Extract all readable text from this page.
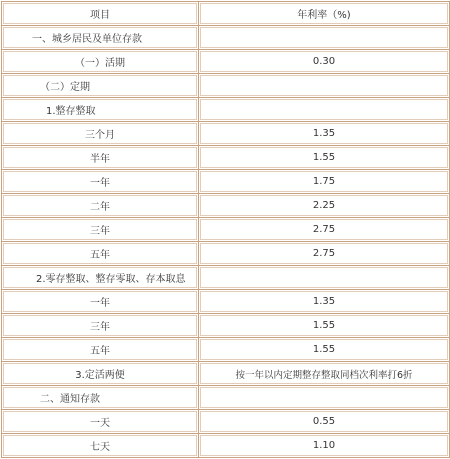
项目	年利率（%)
一、城乡居民及单位存款	
（一）活期	0.30
（二）定期	
1.整存整取	
三个月	1.35
半年	1.55
一年	1.75
二年	2.25
三年	2.75
五年	2.75
2.零存整取、整存零取、存本取息	
一年	1.35
三年	1.55
五年	1.55
3.定活两便	按一年以内定期整存整取同档次利率打6折
二、通知存款	
一天	0.55
七天	1.10
